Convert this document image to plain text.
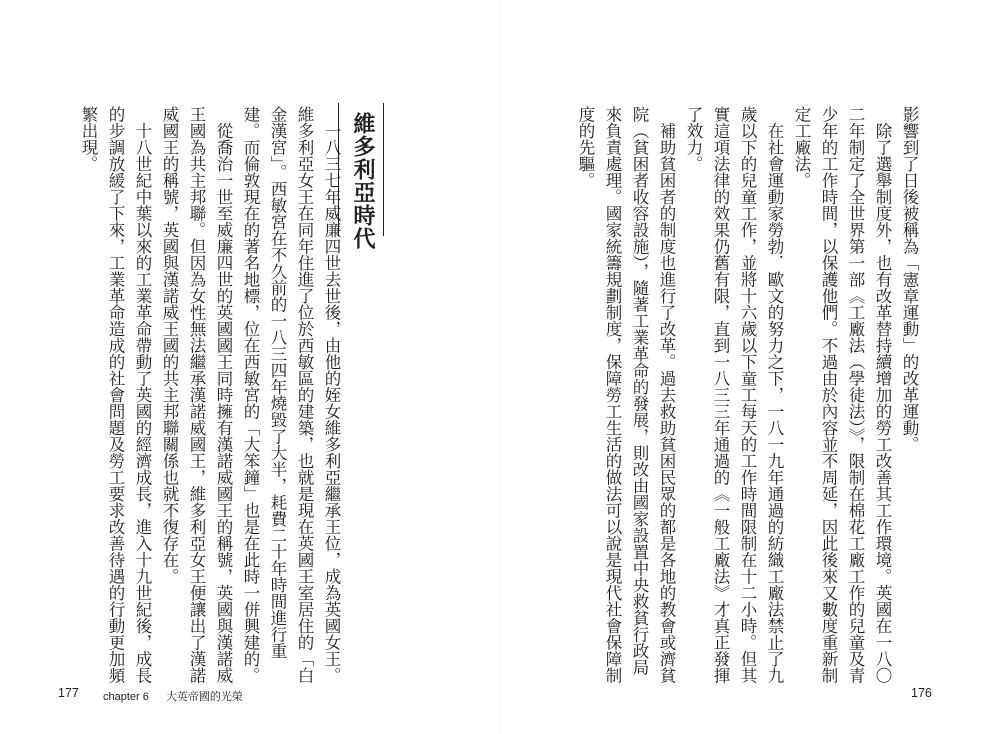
影響到了日後被稱為「憲章運動」的改革運動。
　除了選舉制度外，也有改革替持續增加的勞工改善其工作環境。英國在一八〇
二年制定了全世界第一部《工廠法（學徒法）》，限制在棉花工廠工作的兒童及青
少年的工作時間，以保護他們。不過由於內容並不周延，因此後來又數度重新制
定工廠法。
　在社會運動家勞勃．歐文的努力之下，一八一九年通過的紡織工廠法禁止了九
歲以下的兒童工作，並將十六歲以下童工每天的工作時間限制在十二小時。但其
實這項法律的效果仍舊有限，直到一八三三年通過的《一般工廠法》才真正發揮
了效力。
　補助貧困者的制度也進行了改革。過去救助貧困民眾的都是各地的教會或濟貧
院（貧困者收容設施），隨著工業革命的發展，則改由國家設置中央救貧行政局
來負責處理。國家統籌規劃制度，保障勞工生活的做法可以說是現代社會保障制
度的先驅。
176
維多利亞時代
　一八三七年威廉四世去世後，由他的姪女維多利亞繼承王位，成為英國女王。
維多利亞女王在同年住進了位於西敏區的建築，也就是現在英國王室居住的「白
金漢宮」。西敏宮在不久前的一八三四年燒毀了大半，耗費二十年時間進行重
建。而倫敦現在的著名地標，位在西敏宮的「大笨鐘」也是在此時一併興建的。
　從喬治一世至威廉四世的英國國王同時擁有漢諾威國王的稱號，英國與漢諾威
王國為共主邦聯。但因為女性無法繼承漢諾威國王，維多利亞女王便讓出了漢諾
威國王的稱號，英國與漢諾威王國的共主邦聯關係也就不復存在。
　十八世紀中葉以來的工業革命帶動了英國的經濟成長，進入十九世紀後，成長
的步調放緩了下來，工業革命造成的社會問題及勞工要求改善待遇的行動更加頻
繁出現。
177 chapter 6 大英帝國的光榮
